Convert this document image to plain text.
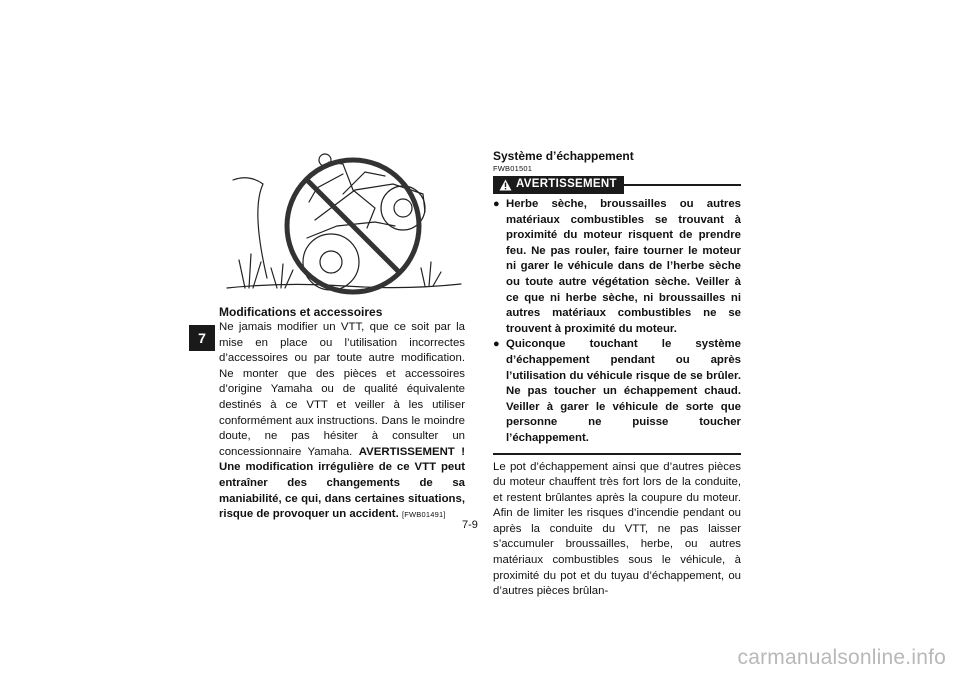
7
Modifications et accessoires
Ne jamais modifier un VTT, que ce soit par la mise en place ou l’utilisation incorrectes d’accessoires ou par toute autre modification. Ne monter que des pièces et accessoires d’origine Yamaha ou de qualité équivalente destinés à ce VTT et veiller à les utiliser conformément aux instructions. Dans le moindre doute, ne pas hésiter à consulter un concessionnaire Yamaha. AVERTISSEMENT ! Une modification irrégulière de ce VTT peut entraîner des changements de sa maniabilité, ce qui, dans certaines situations, risque de provoquer un accident. [FWB01491]
Système d’échappement
FWB01501
AVERTISSEMENT
● Herbe sèche, broussailles ou autres matériaux combustibles se trouvant à proximité du moteur risquent de prendre feu. Ne pas rouler, faire tourner le moteur ni garer le véhicule dans de l’herbe sèche ou toute autre végétation sèche. Veiller à ce que ni herbe sèche, ni broussailles ni autres matériaux combustibles ne se trouvent à proximité du moteur.
● Quiconque touchant le système d’échappement pendant ou après l’utilisation du véhicule risque de se brûler. Ne pas toucher un échappement chaud. Veiller à garer le véhicule de sorte que personne ne puisse toucher l’échappement.
Le pot d’échappement ainsi que d’autres pièces du moteur chauffent très fort lors de la conduite, et restent brûlantes après la coupure du moteur. Afin de limiter les risques d’incendie pendant ou après la conduite du VTT, ne pas laisser s’accumuler broussailles, herbe, ou autres matériaux combustibles sous le véhicule, à proximité du pot et du tuyau d’échappement, ou d’autres pièces brûlan-
7-9
carmanualsonline.info
